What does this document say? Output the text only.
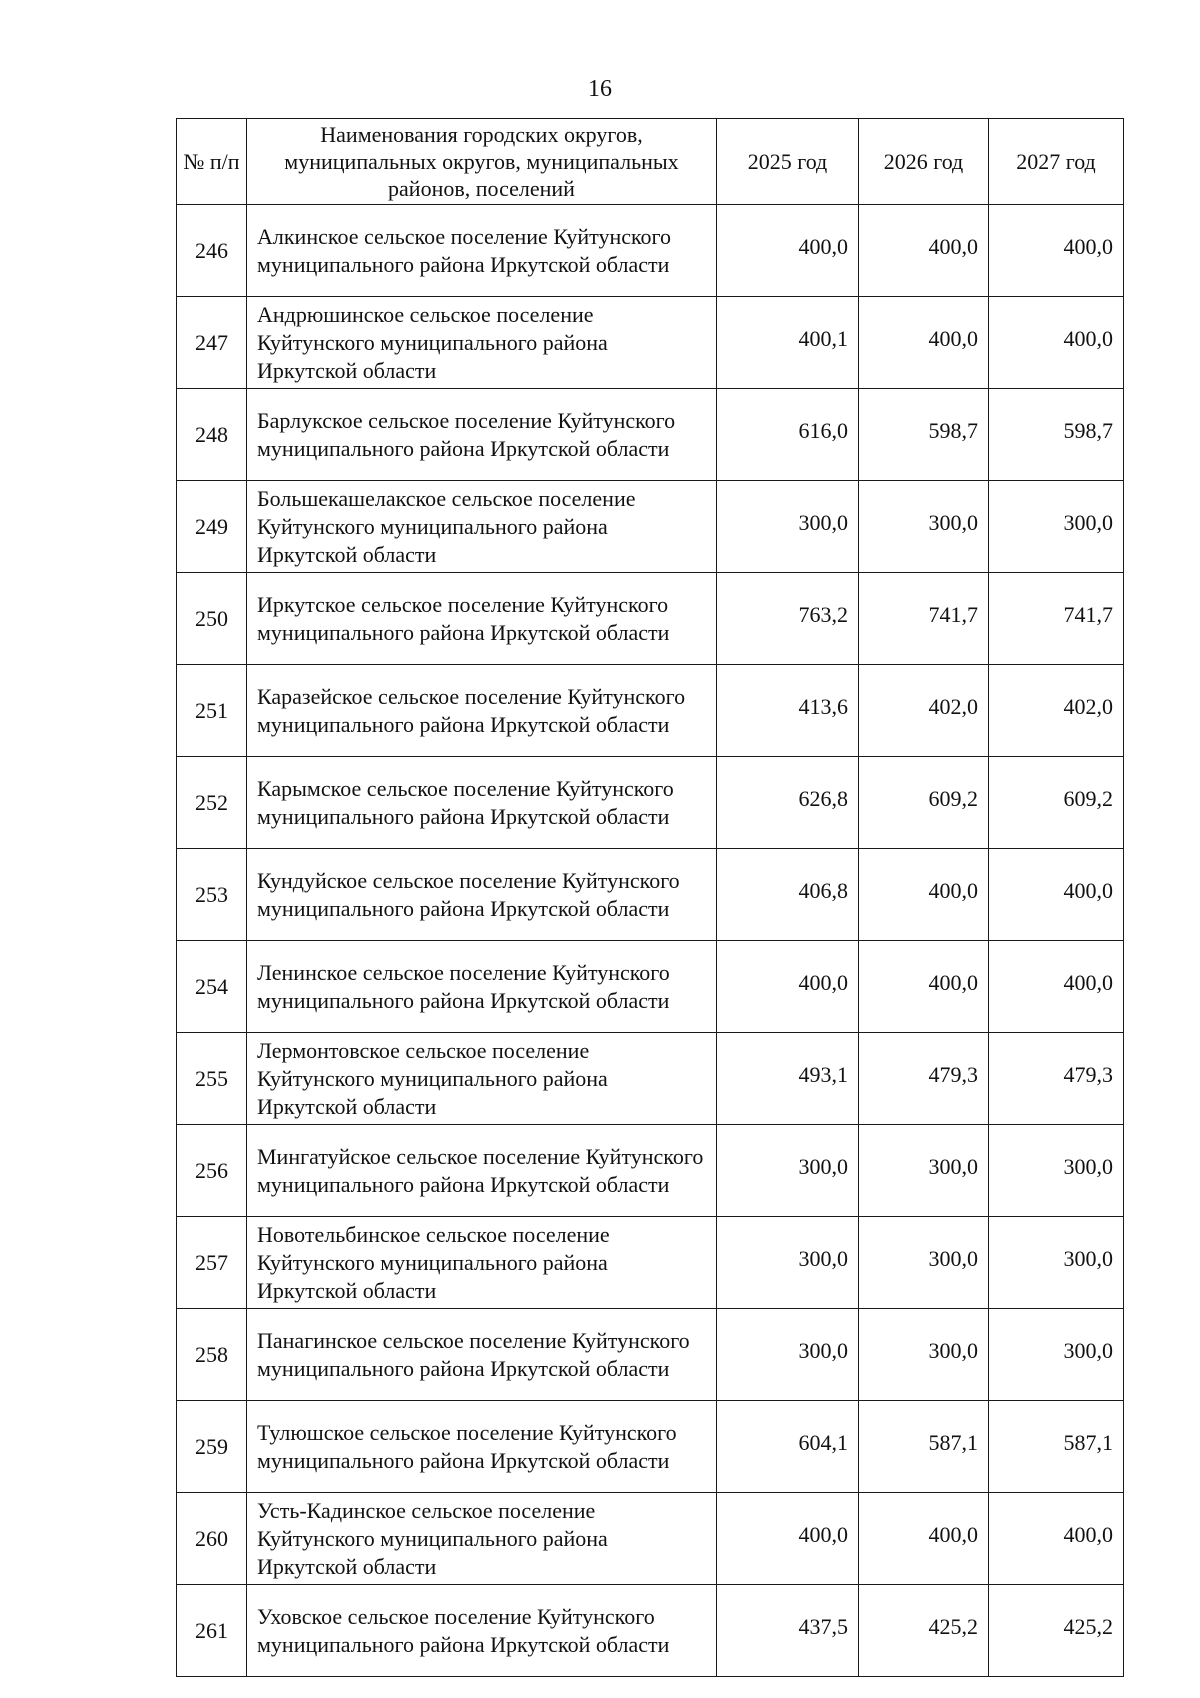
16
№ п/п	Наименования городских округов, муниципальных округов, муниципальных районов, поселений	2025 год	2026 год	2027 год
246	Алкинское сельское поселение Куйтунского муниципального района Иркутской области	400,0	400,0	400,0
247	Андрюшинское сельское поселение Куйтунского муниципального района Иркутской области	400,1	400,0	400,0
248	Барлукское сельское поселение Куйтунского муниципального района Иркутской области	616,0	598,7	598,7
249	Большекашелакское сельское поселение Куйтунского муниципального района Иркутской области	300,0	300,0	300,0
250	Иркутское сельское поселение Куйтунского муниципального района Иркутской области	763,2	741,7	741,7
251	Каразейское сельское поселение Куйтунского муниципального района Иркутской области	413,6	402,0	402,0
252	Карымское сельское поселение Куйтунского муниципального района Иркутской области	626,8	609,2	609,2
253	Кундуйское сельское поселение Куйтунского муниципального района Иркутской области	406,8	400,0	400,0
254	Ленинское сельское поселение Куйтунского муниципального района Иркутской области	400,0	400,0	400,0
255	Лермонтовское сельское поселение Куйтунского муниципального района Иркутской области	493,1	479,3	479,3
256	Мингатуйское сельское поселение Куйтунского муниципального района Иркутской области	300,0	300,0	300,0
257	Новотельбинское сельское поселение Куйтунского муниципального района Иркутской области	300,0	300,0	300,0
258	Панагинское сельское поселение Куйтунского муниципального района Иркутской области	300,0	300,0	300,0
259	Тулюшское сельское поселение Куйтунского муниципального района Иркутской области	604,1	587,1	587,1
260	Усть-Кадинское сельское поселение Куйтунского муниципального района Иркутской области	400,0	400,0	400,0
261	Уховское сельское поселение Куйтунского муниципального района Иркутской области	437,5	425,2	425,2
